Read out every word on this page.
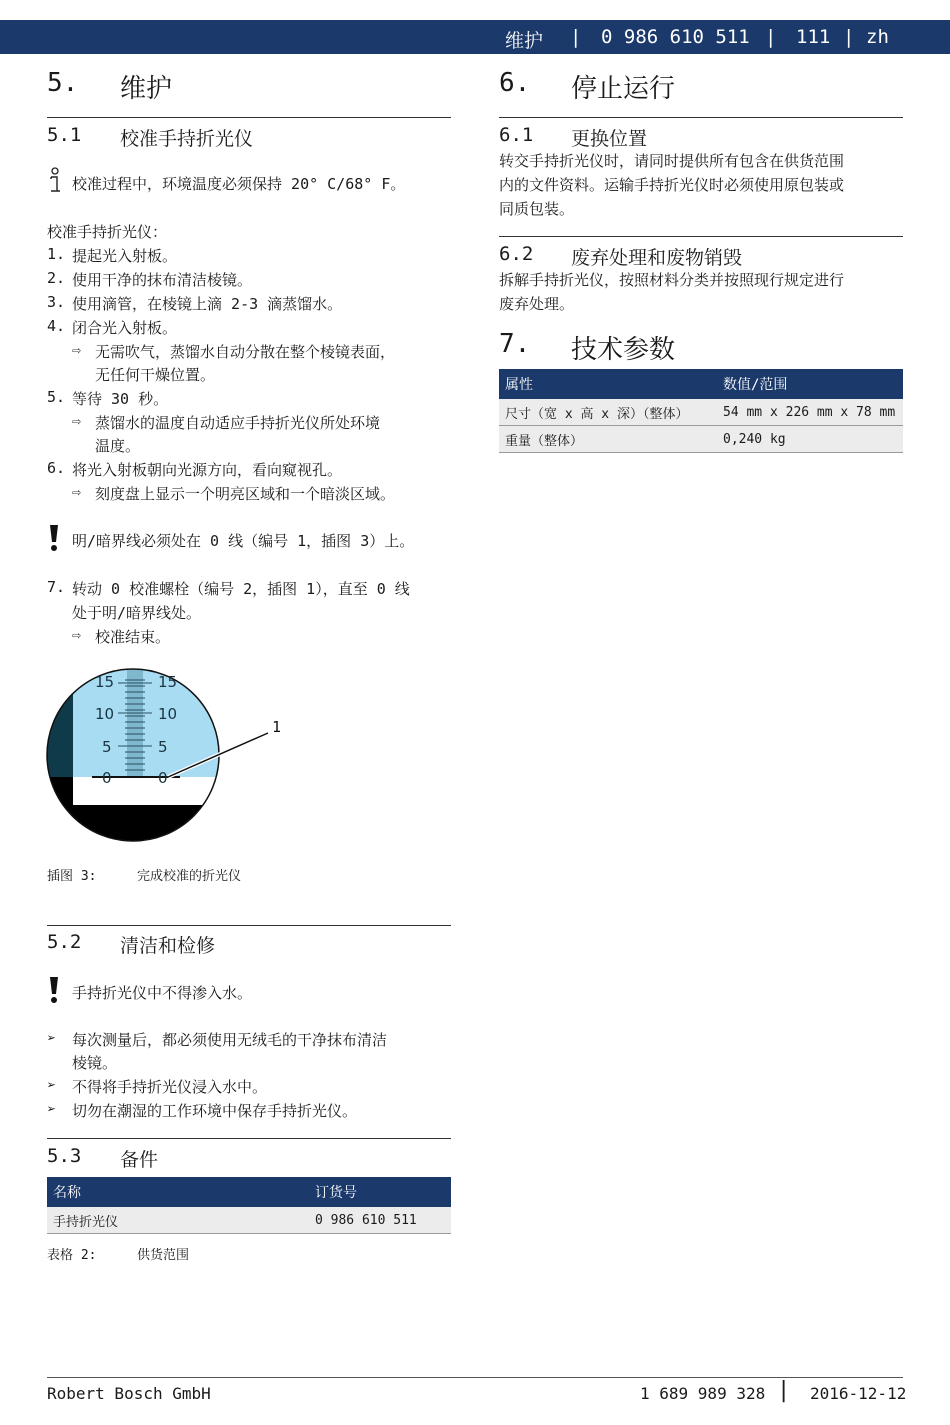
维护 | 0 986 610 511 | 111 | zh
5. 维护
5.1 校准手持折光仪
校准过程中，环境温度必须保持 20° C/68° F。
校准手持折光仪：
1. 提起光入射板。
2. 使用干净的抹布清洁棱镜。
3. 使用滴管，在棱镜上滴 2-3 滴蒸馏水。
4. 闭合光入射板。
⇨ 无需吹气，蒸馏水自动分散在整个棱镜表面，
无任何干燥位置。
5. 等待 30 秒。
⇨ 蒸馏水的温度自动适应手持折光仪所处环境
温度。
6. 将光入射板朝向光源方向，看向窥视孔。
⇨ 刻度盘上显示一个明亮区域和一个暗淡区域。
明/暗界线必须处在 0 线（编号 1，插图 3）上。
7. 转动 0 校准螺栓（编号 2，插图 1），直至 0 线
处于明/暗界线处。
⇨ 校准结束。
15	15
10	10
5	5
0	0
1
插图 3:	完成校准的折光仪
5.2 清洁和检修
手持折光仪中不得渗入水。
➢ 每次测量后，都必须使用无绒毛的干净抹布清洁
棱镜。
➢ 不得将手持折光仪浸入水中。
➢ 切勿在潮湿的工作环境中保存手持折光仪。
5.3 备件
名称	订货号
手持折光仪	0 986 610 511
表格 2:	供货范围
6. 停止运行
6.1 更换位置
转交手持折光仪时，请同时提供所有包含在供货范围
内的文件资料。运输手持折光仪时必须使用原包装或
同质包装。
6.2 废弃处理和废物销毁
拆解手持折光仪，按照材料分类并按照现行规定进行
废弃处理。
7. 技术参数
属性	数值/范围
尺寸（宽 x 高 x 深）（整体）	54 mm x 226 mm x 78 mm
重量（整体）	0,240 kg
Robert Bosch GmbH	1 689 989 328 | 2016-12-12
